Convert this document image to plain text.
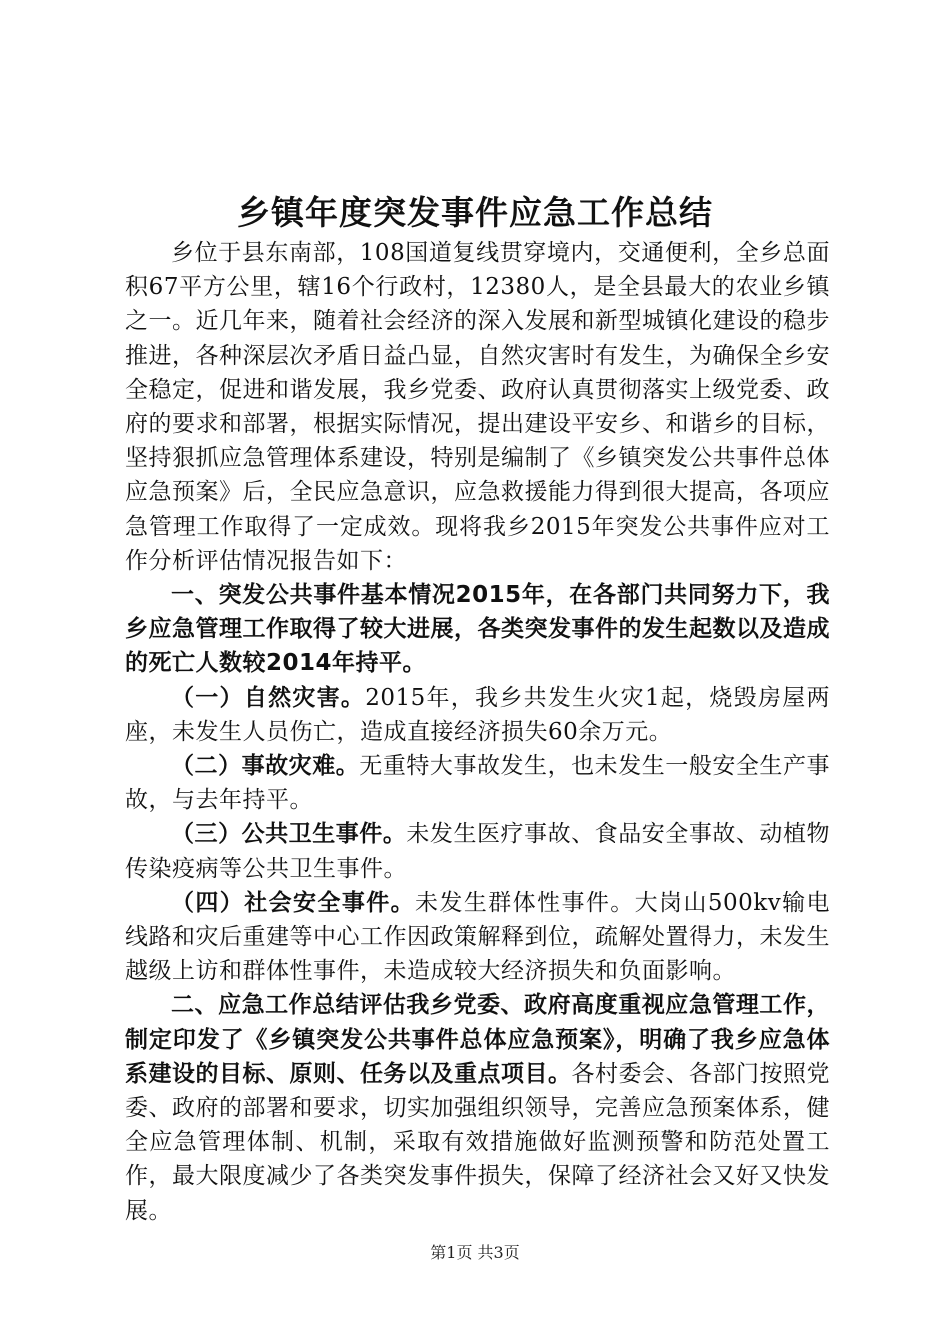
乡镇年度突发事件应急工作总结

乡位于县东南部，108国道复线贯穿境内，交通便利，全乡总面积67平方公里，辖16个行政村，12380人，是全县最大的农业乡镇之一。近几年来，随着社会经济的深入发展和新型城镇化建设的稳步推进，各种深层次矛盾日益凸显，自然灾害时有发生，为确保全乡安全稳定，促进和谐发展，我乡党委、政府认真贯彻落实上级党委、政府的要求和部署，根据实际情况，提出建设平安乡、和谐乡的目标，坚持狠抓应急管理体系建设，特别是编制了《乡镇突发公共事件总体应急预案》后，全民应急意识，应急救援能力得到很大提高，各项应急管理工作取得了一定成效。现将我乡2015年突发公共事件应对工作分析评估情况报告如下：

一、突发公共事件基本情况2015年，在各部门共同努力下，我乡应急管理工作取得了较大进展，各类突发事件的发生起数以及造成的死亡人数较2014年持平。

（一）自然灾害。2015年，我乡共发生火灾1起，烧毁房屋两座，未发生人员伤亡，造成直接经济损失60余万元。

（二）事故灾难。无重特大事故发生，也未发生一般安全生产事故，与去年持平。

（三）公共卫生事件。未发生医疗事故、食品安全事故、动植物传染疫病等公共卫生事件。

（四）社会安全事件。未发生群体性事件。大岗山500kv输电线路和灾后重建等中心工作因政策解释到位，疏解处置得力，未发生越级上访和群体性事件，未造成较大经济损失和负面影响。

二、应急工作总结评估我乡党委、政府高度重视应急管理工作，制定印发了《乡镇突发公共事件总体应急预案》，明确了我乡应急体系建设的目标、原则、任务以及重点项目。各村委会、各部门按照党委、政府的部署和要求，切实加强组织领导，完善应急预案体系，健全应急管理体制、机制，采取有效措施做好监测预警和防范处置工作，最大限度减少了各类突发事件损失，保障了经济社会又好又快发展。

第1页 共3页
